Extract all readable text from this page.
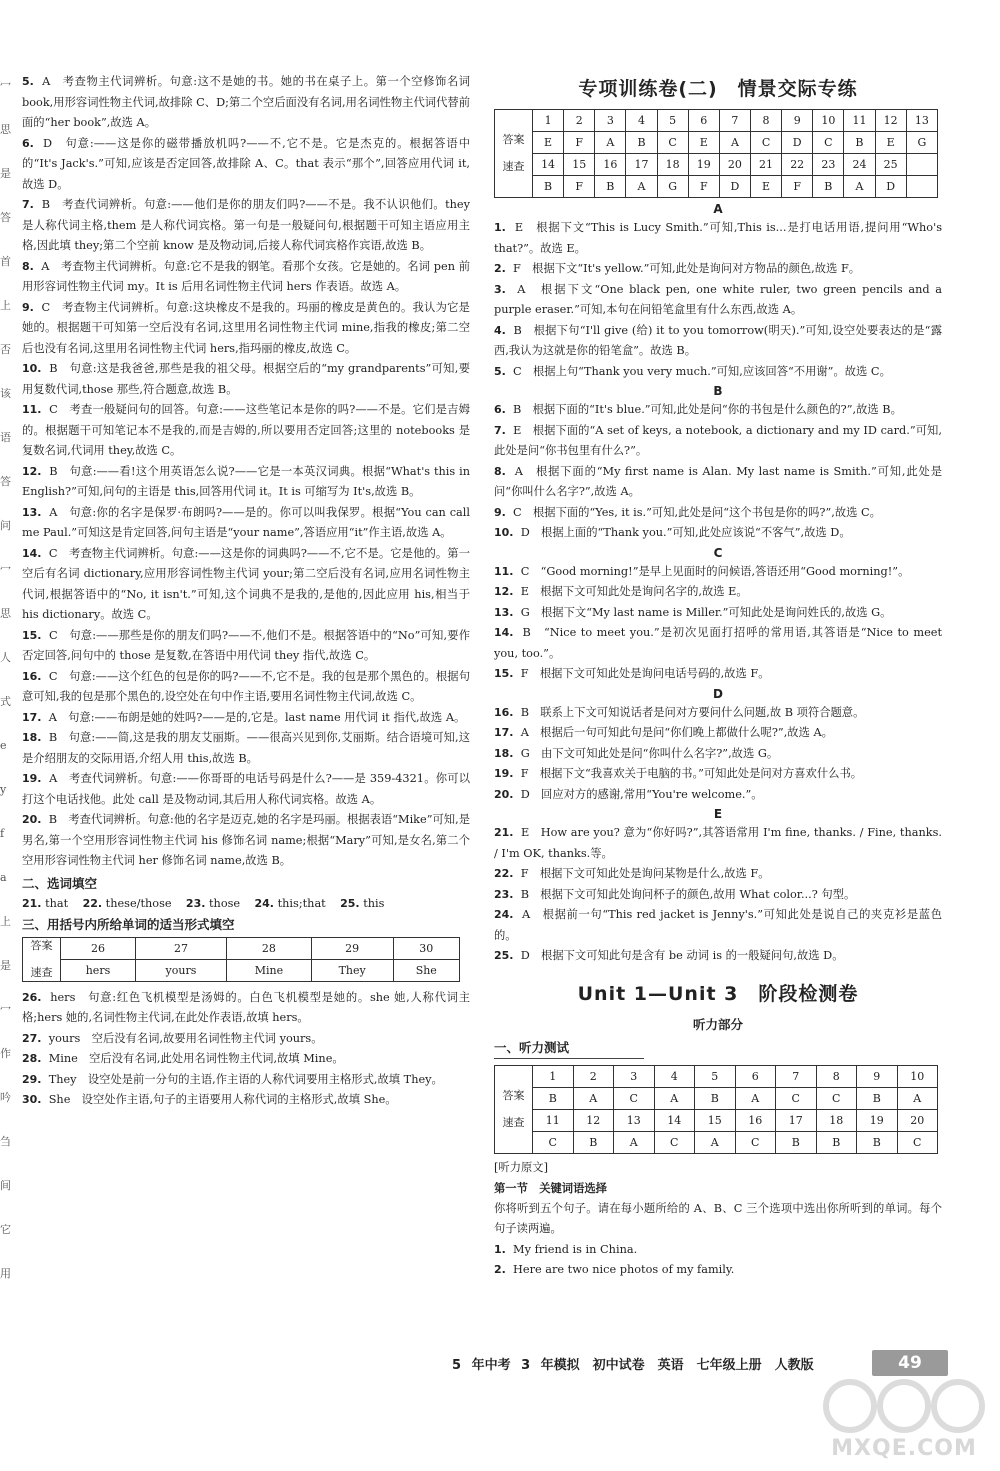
冖
思
是
答
首
上
否
该
语
答
问
冖
思
人
式
e
y
f
a
上
是
冖
作
吟
刍
间
它
用
5. A　考查物主代词辨析。句意:这不是她的书。她的书在桌子上。第一个空修饰名词 book,用形容词性物主代词,故排除 C、D;第二个空后面没有名词,用名词性物主代词代替前面的“her book”,故选 A。
6. D　句意:——这是你的磁带播放机吗?——不,它不是。它是杰克的。根据答语中的“It's Jack's.”可知,应该是否定回答,故排除 A、C。that 表示“那个”,回答应用代词 it,故选 D。
7. B　考查代词辨析。句意:——他们是你的朋友们吗?——不是。我不认识他们。they 是人称代词主格,them 是人称代词宾格。第一句是一般疑问句,根据题干可知主语应用主格,因此填 they;第二个空前 know 是及物动词,后接人称代词宾格作宾语,故选 B。
8. A　考查物主代词辨析。句意:它不是我的钢笔。看那个女孩。它是她的。名词 pen 前用形容词性物主代词 my。It is 后用名词性物主代词 hers 作表语。故选 A。
9. C　考查物主代词辨析。句意:这块橡皮不是我的。玛丽的橡皮是黄色的。我认为它是她的。根据题干可知第一空后没有名词,这里用名词性物主代词 mine,指我的橡皮;第二空后也没有名词,这里用名词性物主代词 hers,指玛丽的橡皮,故选 C。
10. B　句意:这是我爸爸,那些是我的祖父母。根据空后的“my grandparents”可知,要用复数代词,those 那些,符合题意,故选 B。
11. C　考查一般疑问句的回答。句意:——这些笔记本是你的吗?——不是。它们是吉姆的。根据题干可知笔记本不是我的,而是吉姆的,所以要用否定回答;这里的 notebooks 是复数名词,代词用 they,故选 C。
12. B　句意:——看!这个用英语怎么说?——它是一本英汉词典。根据“What's this in English?”可知,问句的主语是 this,回答用代词 it。It is 可缩写为 It's,故选 B。
13. A　句意:你的名字是保罗·布朗吗?——是的。你可以叫我保罗。根据“You can call me Paul.”可知这是肯定回答,问句主语是“your name”,答语应用“it”作主语,故选 A。
14. C　考查物主代词辨析。句意:——这是你的词典吗?——不,它不是。它是他的。第一空后有名词 dictionary,应用形容词性物主代词 your;第二空后没有名词,应用名词性物主代词,根据答语中的“No, it isn't.”可知,这个词典不是我的,是他的,因此应用 his,相当于 his dictionary。故选 C。
15. C　句意:——那些是你的朋友们吗?——不,他们不是。根据答语中的“No”可知,要作否定回答,问句中的 those 是复数,在答语中用代词 they 指代,故选 C。
16. C　句意:——这个红色的包是你的吗?——不,它不是。我的包是那个黑色的。根据句意可知,我的包是那个黑色的,设空处在句中作主语,要用名词性物主代词,故选 C。
17. A　句意:——布朗是她的姓吗?——是的,它是。last name 用代词 it 指代,故选 A。
18. B　句意:——简,这是我的朋友艾丽斯。——很高兴见到你,艾丽斯。结合语境可知,这是介绍朋友的交际用语,介绍人用 this,故选 B。
19. A　考查代词辨析。句意:——你哥哥的电话号码是什么?——是 359-4321。你可以打这个电话找他。此处 call 是及物动词,其后用人称代词宾格。故选 A。
20. B　考查代词辨析。句意:他的名字是迈克,她的名字是玛丽。根据表语“Mike”可知,是男名,第一个空用形容词性物主代词 his 修饰名词 name;根据“Mary”可知,是女名,第二个空用形容词性物主代词 her 修饰名词 name,故选 B。
二、选词填空
21. that 22. these/those 23. those 24. this;that 25. this
三、用括号内所给单词的适当形式填空
答案

速查	26	27	28	29	30
	hers	yours	Mine	They	She
26. hers　句意:红色飞机模型是汤姆的。白色飞机模型是她的。she 她,人称代词主格;hers 她的,名词性物主代词,在此处作表语,故填 hers。
27. yours　空后没有名词,故要用名词性物主代词 yours。
28. Mine　空后没有名词,此处用名词性物主代词,故填 Mine。
29. They　设空处是前一分句的主语,作主语的人称代词要用主格形式,故填 They。
30. She　设空处作主语,句子的主语要用人称代词的主格形式,故填 She。
专项训练卷(二)　情景交际专练
答案

速查	1	2	3	4	5	6	7	8	9	10	11	12	13
	E	F	A	B	C	E	A	C	D	C	B	E	G
	14	15	16	17	18	19	20	21	22	23	24	25	
	B	F	B	A	G	F	D	E	F	B	A	D	
A
1. E　根据下文“This is Lucy Smith.”可知,This is...是打电话用语,提问用“Who's that?”。故选 E。
2. F　根据下文“It's yellow.”可知,此处是询问对方物品的颜色,故选 F。
3. A　根据下文“One black pen, one white ruler, two green pencils and a purple eraser.”可知,本句在问铅笔盒里有什么东西,故选 A。
4. B　根据下句“I'll give (给) it to you tomorrow(明天).”可知,设空处要表达的是“露西,我认为这就是你的铅笔盒”。故选 B。
5. C　根据上句“Thank you very much.”可知,应该回答“不用谢”。故选 C。
B
6. B　根据下面的“It's blue.”可知,此处是问“你的书包是什么颜色的?”,故选 B。
7. E　根据下面的“A set of keys, a notebook, a dictionary and my ID card.”可知,此处是问“你书包里有什么?”。
8. A　根据下面的“My first name is Alan. My last name is Smith.”可知,此处是问“你叫什么名字?”,故选 A。
9. C　根据下面的“Yes, it is.”可知,此处是问“这个书包是你的吗?”,故选 C。
10. D　根据上面的“Thank you.”可知,此处应该说“不客气”,故选 D。
C
11. C　“Good morning!”是早上见面时的问候语,答语还用“Good morning!”。
12. E　根据下文可知此处是询问名字的,故选 E。
13. G　根据下文“My last name is Miller.”可知此处是询问姓氏的,故选 G。
14. B　“Nice to meet you.”是初次见面打招呼的常用语,其答语是“Nice to meet you, too.”。
15. F　根据下文可知此处是询问电话号码的,故选 F。
D
16. B　联系上下文可知说话者是问对方要问什么问题,故 B 项符合题意。
17. A　根据后一句可知此句是问“你们晚上都做什么呢?”,故选 A。
18. G　由下文可知此处是问“你叫什么名字?”,故选 G。
19. F　根据下文“我喜欢关于电脑的书。”可知此处是问对方喜欢什么书。
20. D　回应对方的感谢,常用“You're welcome.”。
E
21. E　How are you? 意为“你好吗?”,其答语常用 I'm fine, thanks. / Fine, thanks. / I'm OK, thanks.等。
22. F　根据下文可知此处是询问某物是什么,故选 F。
23. B　根据下文可知此处询问杯子的颜色,故用 What color...? 句型。
24. A　根据前一句“This red jacket is Jenny's.”可知此处是说自己的夹克衫是蓝色的。
25. D　根据下文可知此句是含有 be 动词 is 的一般疑问句,故选 D。
Unit 1—Unit 3　阶段检测卷
听力部分
一、听力测试
答案

速查	1	2	3	4	5	6	7	8	9	10
	B	A	C	A	B	A	C	C	B	A
	11	12	13	14	15	16	17	18	19	20
	C	B	A	C	A	C	B	B	B	C
[听力原文]
第一节　关键词语选择
你将听到五个句子。请在每小题所给的 A、B、C 三个选项中选出你所听到的单词。每个句子读两遍。
1. My friend is in China.
2. Here are two nice photos of my family.
5 年中考 3 年模拟　初中试卷　英语　七年级上册　人教版	49
MXQE.COM
